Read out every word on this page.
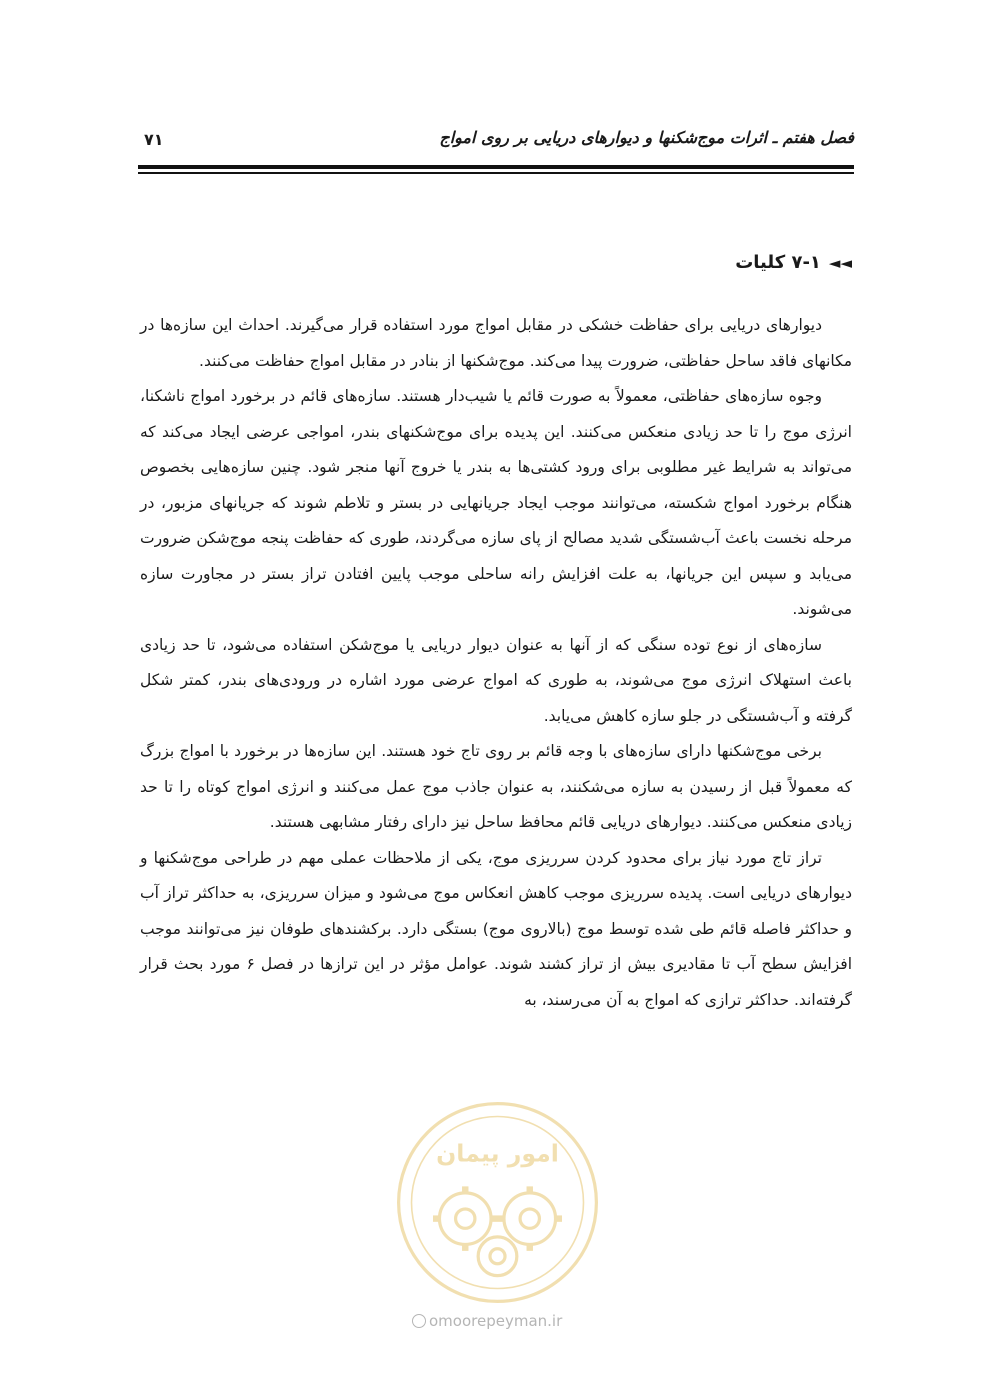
فصل هفتم ـ اثرات موج‌شکنها و دیوارهای دریایی بر روی امواج
۷۱
◄◄۷-۱ کلیات

دیوارهای دریایی برای حفاظت خشکی در مقابل امواج مورد استفاده قرار می‌گیرند. احداث این سازه‌ها در مکانهای فاقد ساحل حفاظتی، ضرورت پیدا می‌کند. موج‌شکنها از بنادر در مقابل امواج حفاظت می‌کنند.

وجوه سازه‌های حفاظتی، معمولاً به صورت قائم یا شیب‌دار هستند. سازه‌های قائم در برخورد امواج ناشکنا، انرژی موج را تا حد زیادی منعکس می‌کنند. این پدیده برای موج‌شکنهای بندر، امواجی عرضی ایجاد می‌کند که می‌تواند به شرایط غیر مطلوبی برای ورود کشتی‌ها به بندر یا خروج آنها منجر شود. چنین سازه‌هایی بخصوص هنگام برخورد امواج شکسته، می‌توانند موجب ایجاد جریانهایی در بستر و تلاطم شوند که جریانهای مزبور، در مرحله نخست باعث آب‌شستگی شدید مصالح از پای سازه می‌گردند، طوری که حفاظت پنجه موج‌شکن ضرورت می‌یابد و سپس این جریانها، به علت افزایش رانه ساحلی موجب پایین افتادن تراز بستر در مجاورت سازه می‌شوند.

سازه‌های از نوع توده سنگی که از آنها به عنوان دیوار دریایی یا موج‌شکن استفاده می‌شود، تا حد زیادی باعث استهلاک انرژی موج می‌شوند، به طوری که امواج عرضی مورد اشاره در ورودی‌های بندر، کمتر شکل گرفته و آب‌شستگی در جلو سازه کاهش می‌یابد.

برخی موج‌شکنها دارای سازه‌های با وجه قائم بر روی تاج خود هستند. این سازه‌ها در برخورد با امواج بزرگ که معمولاً قبل از رسیدن به سازه می‌شکنند، به عنوان جاذب موج عمل می‌کنند و انرژی امواج کوتاه را تا حد زیادی منعکس می‌کنند. دیوارهای دریایی قائم محافظ ساحل نیز دارای رفتار مشابهی هستند.

تراز تاج مورد نیاز برای محدود کردن سرریزی موج، یکی از ملاحظات عملی مهم در طراحی موج‌شکنها و دیوارهای دریایی است. پدیده سرریزی موجب کاهش انعکاس موج می‌شود و میزان سرریزی، به حداکثر تراز آب و حداکثر فاصله قائم طی شده توسط موج (بالاروی موج) بستگی دارد. برکشندهای طوفان نیز می‌توانند موجب افزایش سطح آب تا مقادیری بیش از تراز کشند شوند. عوامل مؤثر در این ترازها در فصل ۶ مورد بحث قرار گرفته‌اند. حداکثر ترازی که امواج به آن می‌رسند، به

امور پیمان
omoorepeyman.ir
